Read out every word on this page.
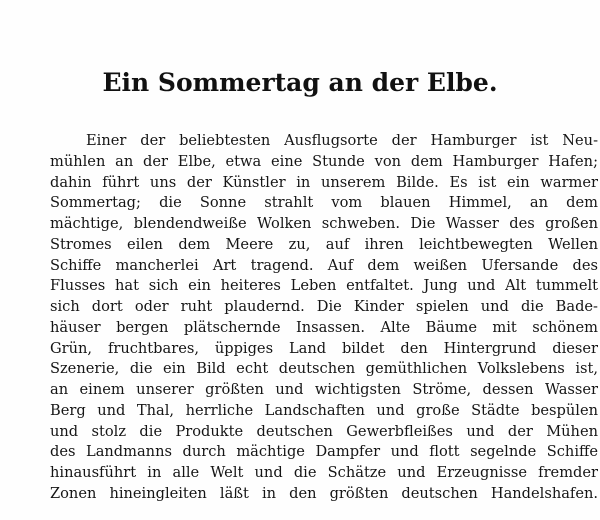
Ein Sommertag an der Elbe.
Einer der beliebtesten Ausflugsorte der Hamburger ist Neu-
mühlen an der Elbe, etwa eine Stunde von dem Hamburger Hafen;
dahin führt uns der Künstler in unserem Bilde. Es ist ein warmer
Sommertag; die Sonne strahlt vom blauen Himmel, an dem
mächtige, blendendweiße Wolken schweben. Die Wasser des großen
Stromes eilen dem Meere zu, auf ihren leichtbewegten Wellen
Schiffe mancherlei Art tragend. Auf dem weißen Ufersande des
Flusses hat sich ein heiteres Leben entfaltet. Jung und Alt tummelt
sich dort oder ruht plaudernd. Die Kinder spielen und die Bade-
häuser bergen plätschernde Insassen. Alte Bäume mit schönem
Grün, fruchtbares, üppiges Land bildet den Hintergrund dieser
Szenerie, die ein Bild echt deutschen gemüthlichen Volkslebens ist,
an einem unserer größten und wichtigsten Ströme, dessen Wasser
Berg und Thal, herrliche Landschaften und große Städte bespülen
und stolz die Produkte deutschen Gewerbfleißes und der Mühen
des Landmanns durch mächtige Dampfer und flott segelnde Schiffe
hinausführt in alle Welt und die Schätze und Erzeugnisse fremder
Zonen hineingleiten läßt in den größten deutschen Handelshafen.
